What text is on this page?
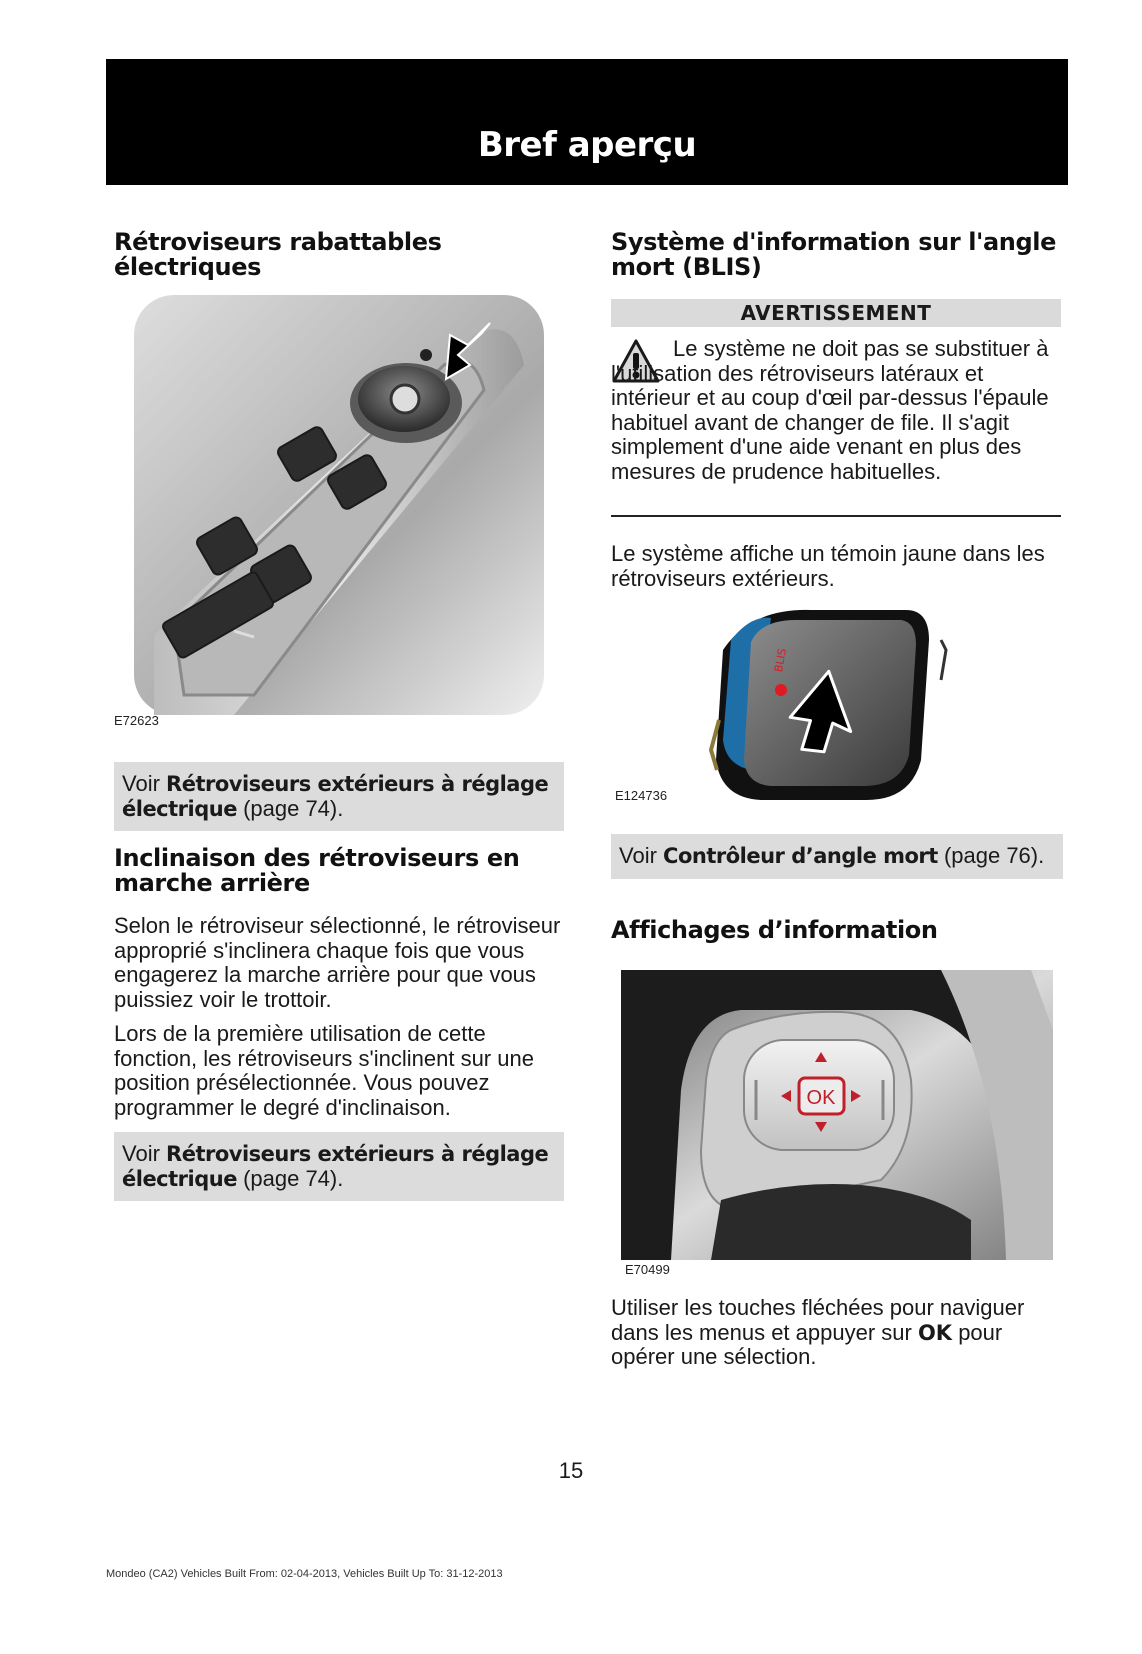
Bref aperçu
Rétroviseurs rabattables électriques
E72623
Voir Rétroviseurs extérieurs à réglage électrique (page 74).
Inclinaison des rétroviseurs en marche arrière

Selon le rétroviseur sélectionné, le rétroviseur approprié s'inclinera chaque fois que vous engagerez la marche arrière pour que vous puissiez voir le trottoir.

Lors de la première utilisation de cette fonction, les rétroviseurs s'inclinent sur une position présélectionnée. Vous pouvez programmer le degré d'inclinaison.

Voir Rétroviseurs extérieurs à réglage électrique (page 74).
Système d'information sur l'angle mort (BLIS)
AVERTISSEMENT

Le système ne doit pas se substituer à l'utilisation des rétroviseurs latéraux et intérieur et au coup d'œil par-dessus l'épaule habituel avant de changer de file. Il s'agit simplement d'une aide venant en plus des mesures de prudence habituelles.

Le système affiche un témoin jaune dans les rétroviseurs extérieurs.

BLIS
E124736
Voir Contrôleur d’angle mort (page 76).
Affichages d’information
OK
E70499

Utiliser les touches fléchées pour naviguer dans les menus et appuyer sur OK pour opérer une sélection.

15
Mondeo (CA2) Vehicles Built From: 02-04-2013, Vehicles Built Up To: 31-12-2013
